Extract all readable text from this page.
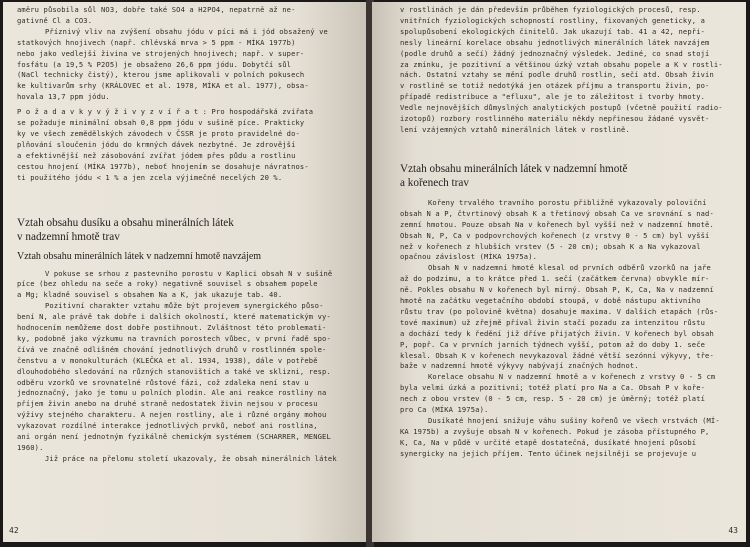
aměru působila sůl NO3, dobře také SO4 a H2PO4, nepatrně až ne-
gativně Cl a CO3.
Příznivý vliv na zvýšení obsahu jódu v píci má i jód obsažený ve
statkových hnojivech (např. chlévská mrva > 5 ppm - MÍKA 1977b)
nebo jako vedlejší živina ve strojených hnojivech; např. v super-
fosfátu (a 19,5 % P2O5) je obsaženo 26,6 ppm jódu. Dobytčí sůl
(NaCl technicky čistý), kterou jsme aplikovali v polních pokusech
ke kultivarům srhy (KRÁLOVEC et al. 1978, MÍKA et al. 1977), obsa-
hovala 13,7 ppm jódu.
P o ž a d a v k y v ý ž i v y z v í ř a t : Pro hospodářská zvířata
se požaduje minimální obsah 0,8 ppm jódu v sušině píce. Prakticky
ky ve všech zemědělských závodech v ČSSR je proto pravidelné do-
plňování sloučenin jódu do krmných dávek nezbytné. Je zdrovější
a efektivnější než zásobování zvířat jódem přes půdu a rostlinu
cestou hnojení (MÍKA 1977b), neboť hnojením se dosahuje návratnos-
ti použitého jódu < 1 % a jen zcela výjimečně necelých 20 %.
Vztah obsahu dusíku a obsahu minerálních látek
v nadzemní hmotě trav
Vztah obsahu minerálních látek v nadzemní hmotě navzájem
V pokuse se srhou z pastevního porostu v Kaplici obsah N v sušině
píce (bez ohledu na seče a roky) negativně souvisel s obsahem popele
a Mg; kladně souvisel s obsahem Na a K, jak ukazuje tab. 40.
Pozitivní charakter vztahu může být projevem synergického půso-
bení N, ale právě tak dobře i dalších okolností, které matematickým vy-
hodnocením nemůžeme dost dobře postihnout. Zvláštnost této problemati-
ky, podobně jako výzkumu na travních porostech vůbec, v první řadě spo-
čívá ve značně odlišném chování jednotlivých druhů v rostlinném spole-
čenstvu a v monokulturách (KLEČKA et al. 1934, 1938), dále v potřebě
dlouhodobého sledování na různých stanovištích a také ve sklizni, resp.
odběru vzorků ve srovnatelné růstové fázi, což zdaleka není stav u
jednoznačný, jako je tomu u polních plodin. Ale ani reakce rostliny na
příjem živin anebo na druhé straně nedostatek živin nejsou v procesu
výživy stejného charakteru. A nejen rostliny, ale i různé orgány mohou
vykazovat rozdílné interakce jednotlivých prvků, neboť ani rostlina,
ani orgán není jednotným fyzikálně chemickým systémem (SCHARRER, MENGEL
1960).
Již práce na přelomu století ukazovaly, že obsah minerálních látek
42
v rostlinách je dán především průběhem fyziologických procesů, resp.
vnitřních fyziologických schopností rostliny, fixovaných geneticky, a
spolupůsobení ekologických činitelů. Jak ukazují tab. 41 a 42, nepři-
nesly lineární korelace obsahu jednotlivých minerálních látek navzájem
(podle druhů a sečí) žádný jednoznačný výsledek. Jediné, co snad stojí
za zmínku, je pozitivní a většinou úzký vztah obsahu popele a K v rostli-
nách. Ostatní vztahy se mění podle druhů rostlin, sečí atd. Obsah živin
v rostlině se totiž nedotýká jen otázek příjmu a transportu živin, po-
případě redistribuce a "efluxu", ale je to záležitost i tvorby hmoty.
Vedle nejnovějších důmyslných analytických postupů (včetně použití radio-
izotopů) rozbory rostlinného materiálu někdy nepřinesou žádané vysvět-
lení vzájemných vztahů minerálních látek v rostlině.
Vztah obsahu minerálních látek v nadzemní hmotě
a kořenech trav
Kořeny trvalého travního porostu přibližně vykazovaly poloviční
obsah N a P, čtvrtinový obsah K a třetinový obsah Ca ve srovnání s nad-
zemní hmotou. Pouze obsah Na v kořenech byl vyšší než v nadzemní hmotě.
Obsah N, P, Ca v podpovrchových kořenech (z vrstvy 0 - 5 cm) byl vyšší
než v kořenech z hlubších vrstev (5 - 20 cm); obsah K a Na vykazoval
opačnou závislost (MÍKA 1975a).
Obsah N v nadzemní hmotě klesal od prvních odběrů vzorků na jaře
až do podzimu, a to krátce před 1. sečí (začátkem června) obvykle mír-
ně. Pokles obsahu N v kořenech byl mírný. Obsah P, K, Ca, Na v nadzemní
hmotě na začátku vegetačního období stoupá, v době nástupu aktivního
růstu trav (po polovině května) dosahuje maxima. V dalších etapách (růs-
tové maximum) už zřejmě příval živin stačí pozadu za intenzitou růstu
a dochází tedy k ředění již dříve přijatých živin. V kořenech byl obsah
P, popř. Ca v prvních jarních týdnech vyšší, potom až do doby 1. seče
klesal. Obsah K v kořenech nevykazoval žádné větší sezónní výkyvy, tře-
baže v nadzemní hmotě výkyvy nabývají značných hodnot.
Korelace obsahu N v nadzemní hmotě a v kořenech z vrstvy 0 - 5 cm
byla velmi úzká a pozitivní; totéž platí pro Na a Ca. Obsah P v koře-
nech z obou vrstev (0 - 5 cm, resp. 5 - 20 cm) je úměrný; totéž platí
pro Ca (MÍKA 1975a).
Dusíkaté hnojení snižuje váhu sušiny kořenů ve všech vrstvách (MÍ-
KA 1975b) a zvyšuje obsah N v kořenech. Pokud je zásoba přístupného P,
K, Ca, Na v půdě v určité etapě dostatečná, dusíkaté hnojení působí
synergicky na jejich příjem. Tento účinek nejsilněji se projevuje u
43
